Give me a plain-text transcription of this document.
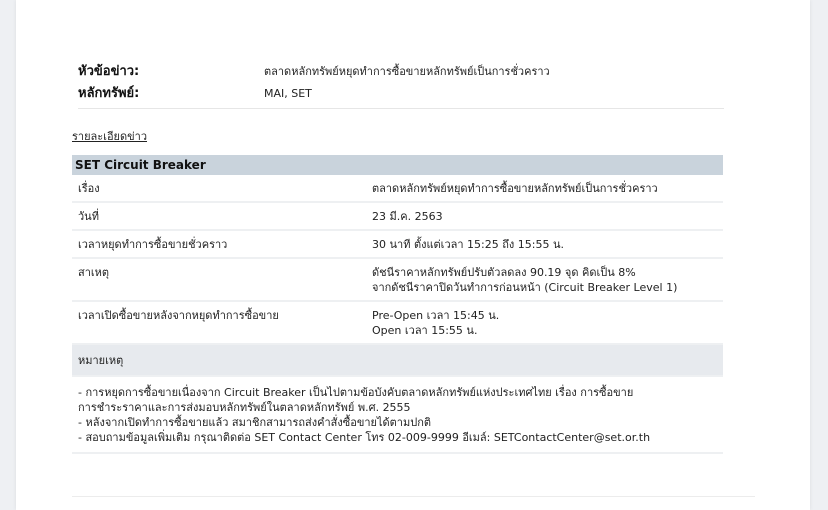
หัวข้อข่าว:	ตลาดหลักทรัพย์หยุดทำการซื้อขายหลักทรัพย์เป็นการชั่วคราว
หลักทรัพย์:	MAI, SET
รายละเอียดข่าว
SET Circuit Breaker	
เรื่อง	ตลาดหลักทรัพย์หยุดทำการซื้อขายหลักทรัพย์เป็นการชั่วคราว
วันที่	23 มี.ค. 2563
เวลาหยุดทำการซื้อขายชั่วคราว	30 นาที ตั้งแต่เวลา 15:25 ถึง 15:55 น.
สาเหตุ	ดัชนีราคาหลักทรัพย์ปรับตัวลดลง 90.19 จุด คิดเป็น 8%
จากดัชนีราคาปิดวันทำการก่อนหน้า (Circuit Breaker Level 1)
เวลาเปิดซื้อขายหลังจากหยุดทำการซื้อขาย	Pre-Open เวลา 15:45 น.
Open เวลา 15:55 น.
หมายเหตุ	
- การหยุดการซื้อขายเนื่องจาก Circuit Breaker เป็นไปตามข้อบังคับตลาดหลักทรัพย์แห่งประเทศไทย เรื่อง การซื้อขาย
การชำระราคาและการส่งมอบหลักทรัพย์ในตลาดหลักทรัพย์ พ.ศ. 2555
- หลังจากเปิดทำการซื้อขายแล้ว สมาชิกสามารถส่งคำสั่งซื้อขายได้ตามปกติ
- สอบถามข้อมูลเพิ่มเติม กรุณาติดต่อ SET Contact Center โทร 02-009-9999 อีเมล์: SETContactCenter@set.or.th	
